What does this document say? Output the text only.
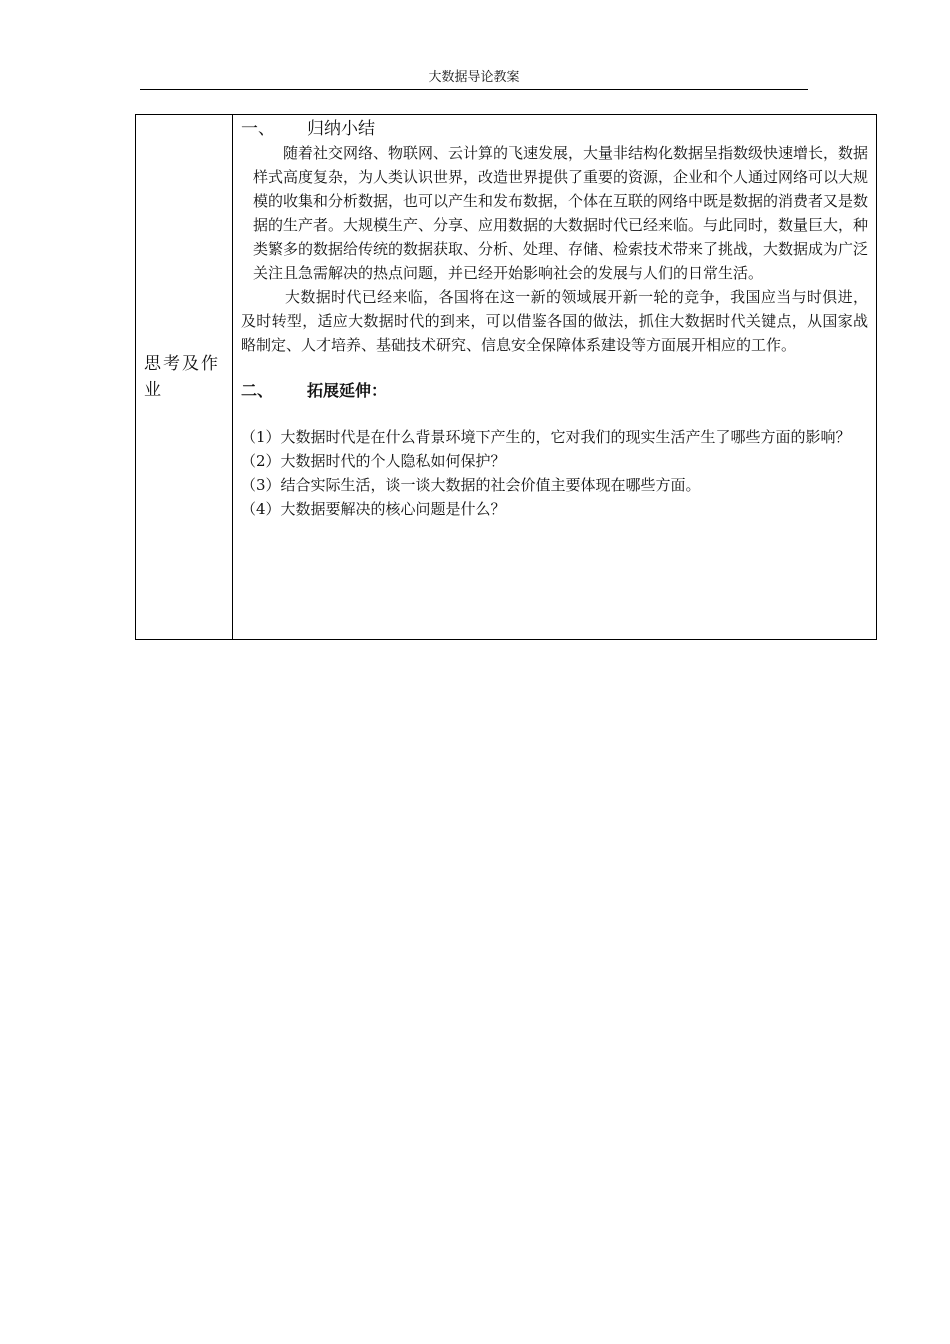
大数据导论教案
思考及作业	
一、	归纳小结

随着社交网络、物联网、云计算的飞速发展，大量非结构化数据呈指数级快速增长，数据样式高度复杂，为人类认识世界，改造世界提供了重要的资源，企业和个人通过网络可以大规模的收集和分析数据，也可以产生和发布数据，个体在互联的网络中既是数据的消费者又是数据的生产者。大规模生产、分享、应用数据的大数据时代已经来临。与此同时，数量巨大，种类繁多的数据给传统的数据获取、分析、处理、存储、检索技术带来了挑战，大数据成为广泛关注且急需解决的热点问题，并已经开始影响社会的发展与人们的日常生活。

大数据时代已经来临，各国将在这一新的领域展开新一轮的竞争，我国应当与时俱进，及时转型，适应大数据时代的到来，可以借鉴各国的做法，抓住大数据时代关键点，从国家战略制定、人才培养、基础技术研究、信息安全保障体系建设等方面展开相应的工作。

二、	拓展延伸：

（1）大数据时代是在什么背景环境下产生的，它对我们的现实生活产生了哪些方面的影响？

（2）大数据时代的个人隐私如何保护？

（3）结合实际生活，谈一谈大数据的社会价值主要体现在哪些方面。

（4）大数据要解决的核心问题是什么？
